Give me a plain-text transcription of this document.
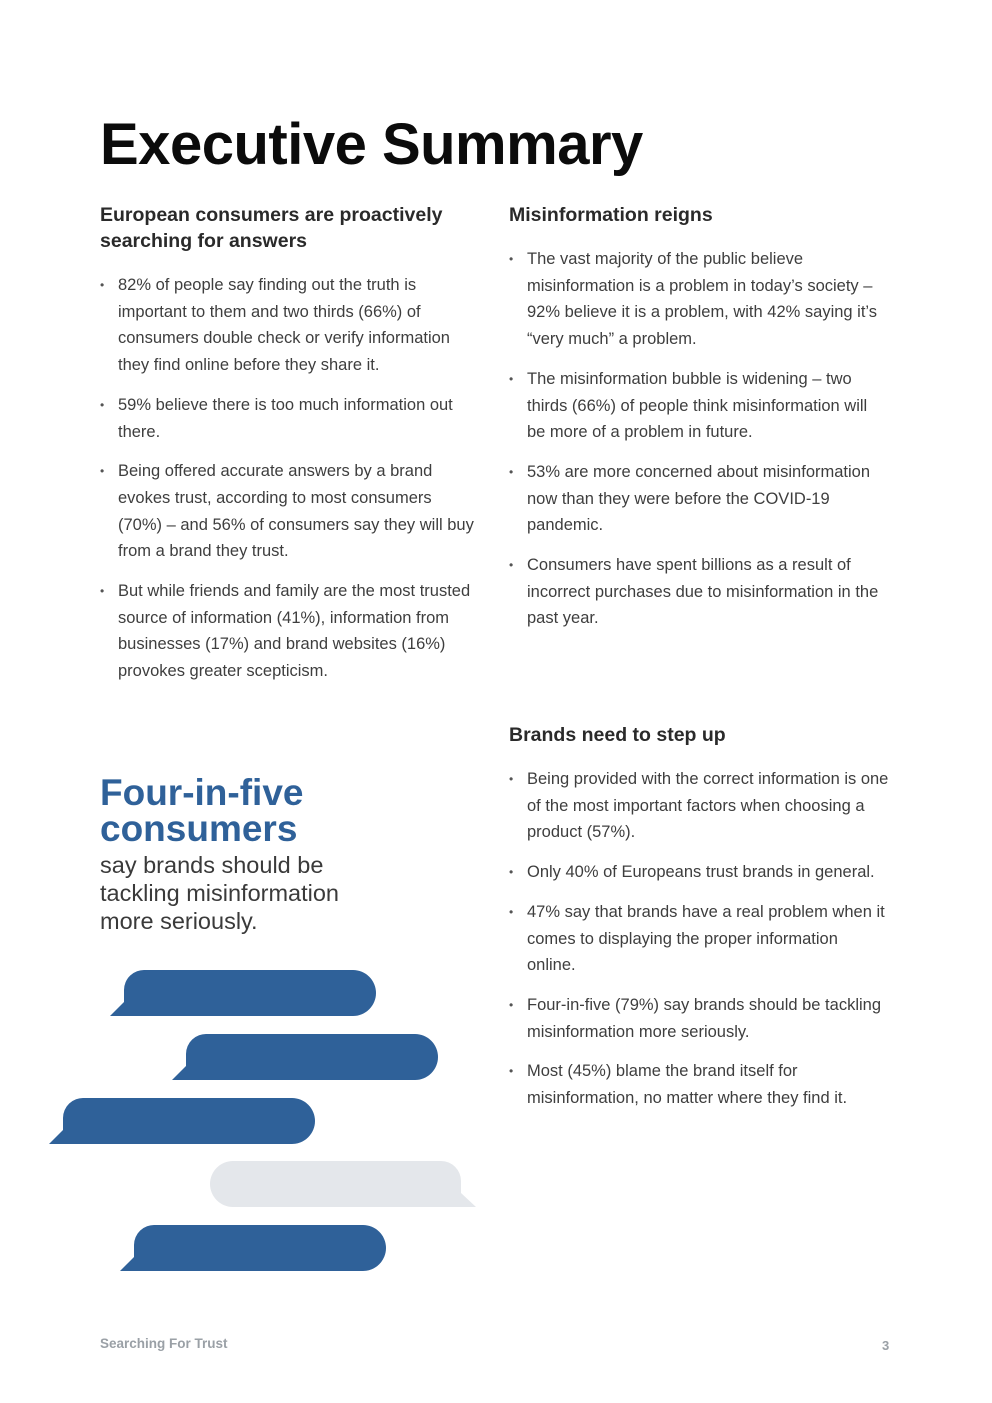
Executive Summary
European consumers are proactively searching for answers
• 82% of people say finding out the truth is important to them and two thirds (66%) of consumers double check or verify information they find online before they share it.
• 59% believe there is too much information out there.
• Being offered accurate answers by a brand evokes trust, according to most consumers (70%) – and 56% of consumers say they will buy from a brand they trust.
• But while friends and family are the most trusted source of information (41%), information from businesses (17%) and brand websites (16%) provokes greater scepticism.

Four-in-five
consumers

say brands should be tackling misinformation more seriously.

Misinformation reigns
• The vast majority of the public believe misinformation is a problem in today’s society – 92% believe it is a problem, with 42% saying it’s “very much” a problem.
• The misinformation bubble is widening – two thirds (66%) of people think misinformation will be more of a problem in future.
• 53% are more concerned about misinformation now than they were before the COVID-19 pandemic.
• Consumers have spent billions as a result of incorrect purchases due to misinformation in the past year.
Brands need to step up
• Being provided with the correct information is one of the most important factors when choosing a product (57%).
• Only 40% of Europeans trust brands in general.
• 47% say that brands have a real problem when it comes to displaying the proper information online.
• Four-in-five (79%) say brands should be tackling misinformation more seriously.
• Most (45%) blame the brand itself for misinformation, no matter where they find it.
Searching For Trust	3
